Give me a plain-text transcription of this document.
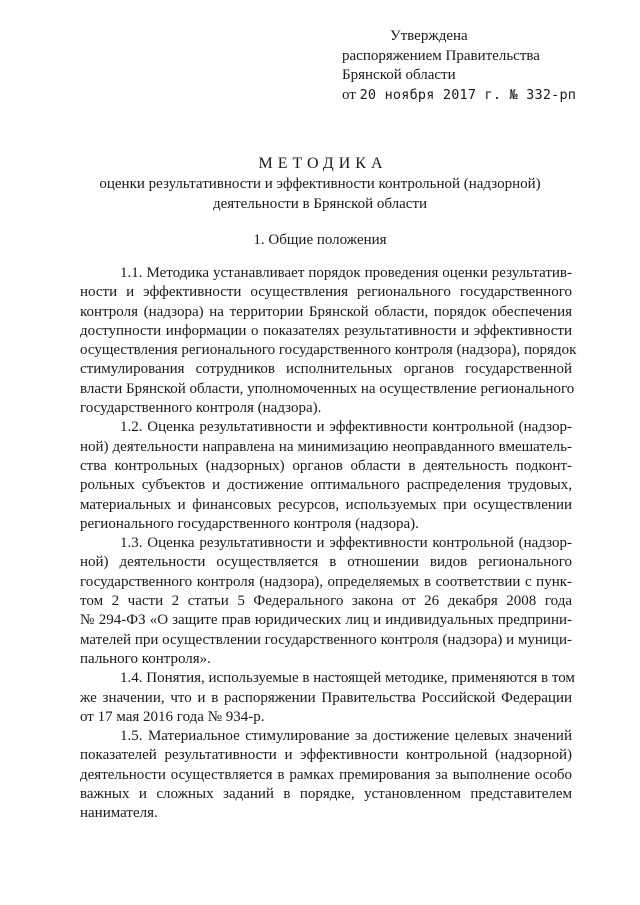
Утверждена
распоряжением Правительства
Брянской области
от 20 ноября 2017 г. № 332-рп
МЕТОДИКА
оценки результативности и эффективности контрольной (надзорной)
деятельности в Брянской области
1. Общие положения
1.1. Методика устанавливает порядок проведения оценки результатив-
ности и эффективности осуществления регионального государственного
контроля (надзора) на территории Брянской области, порядок обеспечения
доступности информации о показателях результативности и эффективности
осуществления регионального государственного контроля (надзора), порядок
стимулирования сотрудников исполнительных органов государственной
власти Брянской области, уполномоченных на осуществление регионального
государственного контроля (надзора).
1.2. Оценка результативности и эффективности контрольной (надзор-
ной) деятельности направлена на минимизацию неоправданного вмешатель-
ства контрольных (надзорных) органов области в деятельность подконт-
рольных субъектов и достижение оптимального распределения трудовых,
материальных и финансовых ресурсов, используемых при осуществлении
регионального государственного контроля (надзора).
1.3. Оценка результативности и эффективности контрольной (надзор-
ной) деятельности осуществляется в отношении видов регионального
государственного контроля (надзора), определяемых в соответствии с пунк-
том 2 части 2 статьи 5 Федерального закона от 26 декабря 2008 года
№ 294-ФЗ «О защите прав юридических лиц и индивидуальных предприни-
мателей при осуществлении государственного контроля (надзора) и муници-
пального контроля».
1.4. Понятия, используемые в настоящей методике, применяются в том
же значении, что и в распоряжении Правительства Российской Федерации
от 17 мая 2016 года № 934-р.
1.5. Материальное стимулирование за достижение целевых значений
показателей результативности и эффективности контрольной (надзорной)
деятельности осуществляется в рамках премирования за выполнение особо
важных и сложных заданий в порядке, установленном представителем
нанимателя.
